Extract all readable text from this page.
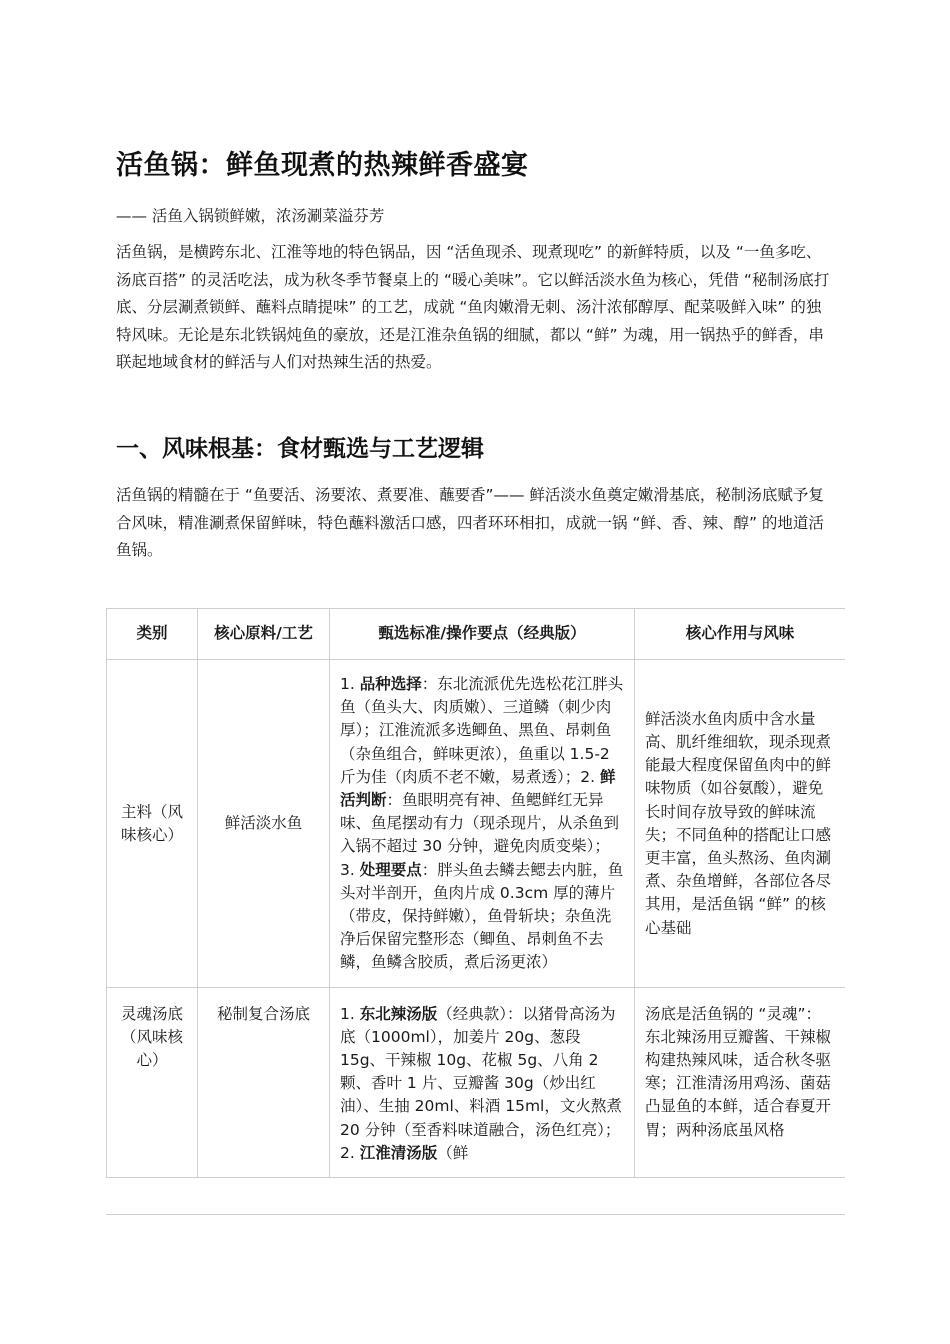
活鱼锅：鲜鱼现煮的热辣鲜香盛宴

—— 活鱼入锅锁鲜嫩，浓汤涮菜溢芬芳

活鱼锅，是横跨东北、江淮等地的特色锅品，因 “活鱼现杀、现煮现吃” 的新鲜特质，以及 “一鱼多吃、汤底百搭” 的灵活吃法，成为秋冬季节餐桌上的 “暖心美味”。它以鲜活淡水鱼为核心，凭借 “秘制汤底打底、分层涮煮锁鲜、蘸料点睛提味” 的工艺，成就 “鱼肉嫩滑无刺、汤汁浓郁醇厚、配菜吸鲜入味” 的独特风味。无论是东北铁锅炖鱼的豪放，还是江淮杂鱼锅的细腻，都以 “鲜” 为魂，用一锅热乎的鲜香，串联起地域食材的鲜活与人们对热辣生活的热爱。

一、风味根基：食材甄选与工艺逻辑

活鱼锅的精髓在于 “鱼要活、汤要浓、煮要准、蘸要香”—— 鲜活淡水鱼奠定嫩滑基底，秘制汤底赋予复合风味，精准涮煮保留鲜味，特色蘸料激活口感，四者环环相扣，成就一锅 “鲜、香、辣、醇” 的地道活鱼锅。

类别	核心原料/工艺	甄选标准/操作要点（经典版）	核心作用与风味
主料（风味核心）	鲜活淡水鱼	1. 品种选择：东北流派优先选松花江胖头鱼（鱼头大、肉质嫩）、三道鳞（刺少肉厚）；江淮流派多选鲫鱼、黑鱼、昂刺鱼（杂鱼组合，鲜味更浓），鱼重以 1.5-2 斤为佳（肉质不老不嫩，易煮透）；2. 鲜活判断：鱼眼明亮有神、鱼鳃鲜红无异味、鱼尾摆动有力（现杀现片，从杀鱼到入锅不超过 30 分钟，避免肉质变柴）；
3. 处理要点：胖头鱼去鳞去鳃去内脏，鱼头对半剖开，鱼肉片成 0.3cm 厚的薄片（带皮，保持鲜嫩），鱼骨斩块；杂鱼洗净后保留完整形态（鲫鱼、昂刺鱼不去鳞，鱼鳞含胶质，煮后汤更浓）	鲜活淡水鱼肉质中含水量高、肌纤维细软，现杀现煮能最大程度保留鱼肉中的鲜味物质（如谷氨酸），避免长时间存放导致的鲜味流失；不同鱼种的搭配让口感更丰富，鱼头熬汤、鱼肉涮煮、杂鱼增鲜，各部位各尽其用，是活鱼锅 “鲜” 的核心基础
灵魂汤底（风味核心）	秘制复合汤底	1. 东北辣汤版（经典款）：以猪骨高汤为底（1000ml），加姜片 20g、葱段 15g、干辣椒 10g、花椒 5g、八角 2 颗、香叶 1 片、豆瓣酱 30g（炒出红油）、生抽 20ml、料酒 15ml，文火熬煮 20 分钟（至香料味道融合，汤色红亮）；2. 江淮清汤版（鲜	汤底是活鱼锅的 “灵魂”：东北辣汤用豆瓣酱、干辣椒构建热辣风味，适合秋冬驱寒；江淮清汤用鸡汤、菌菇凸显鱼的本鲜，适合春夏开胃；两种汤底虽风格
